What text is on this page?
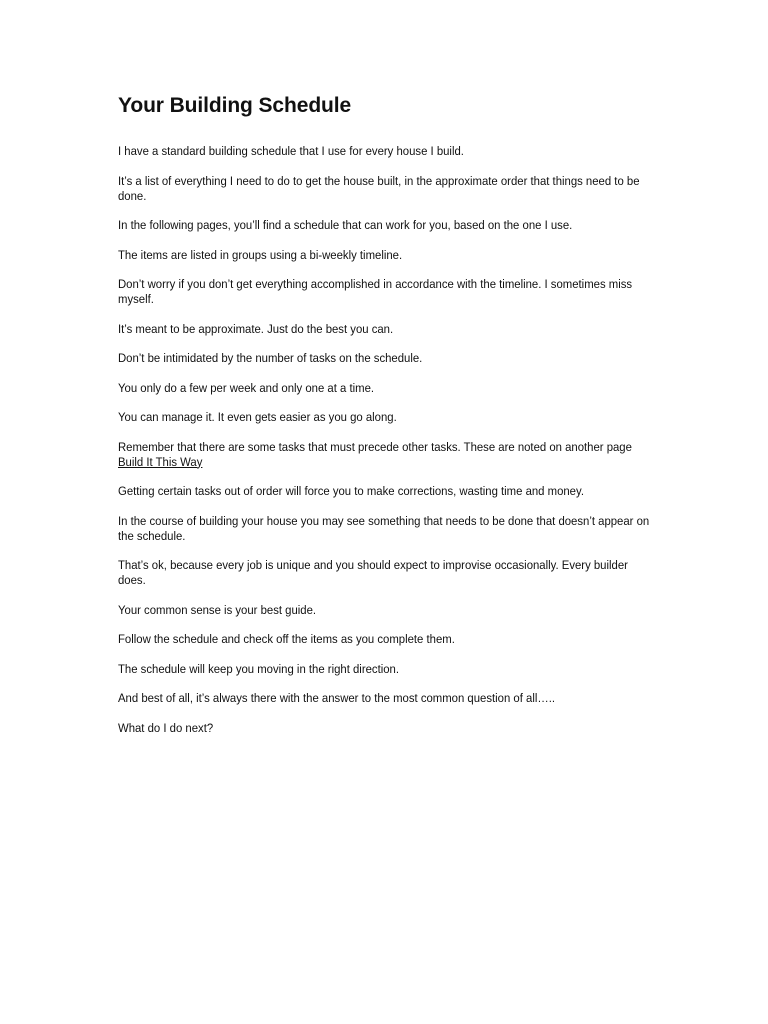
Your Building Schedule

I have a standard building schedule that I use for every house I build.

It’s a list of everything I need to do to get the house built, in the approximate order that things need to be done.

In the following pages, you’ll find a schedule that can work for you, based on the one I use.

The items are listed in groups using a bi-weekly timeline.

Don’t worry if you don’t get everything accomplished in accordance with the timeline. I sometimes miss myself.

It’s meant to be approximate. Just do the best you can.

Don’t be intimidated by the number of tasks on the schedule.

You only do a few per week and only one at a time.

You can manage it. It even gets easier as you go along.

Remember that there are some tasks that must precede other tasks. These are noted on another page Build It This Way

Getting certain tasks out of order will force you to make corrections, wasting time and money.

In the course of building your house you may see something that needs to be done that doesn’t appear on the schedule.

That’s ok, because every job is unique and you should expect to improvise occasionally. Every builder does.

Your common sense is your best guide.

Follow the schedule and check off the items as you complete them.

The schedule will keep you moving in the right direction.

And best of all, it’s always there with the answer to the most common question of all…..

What do I do next?
